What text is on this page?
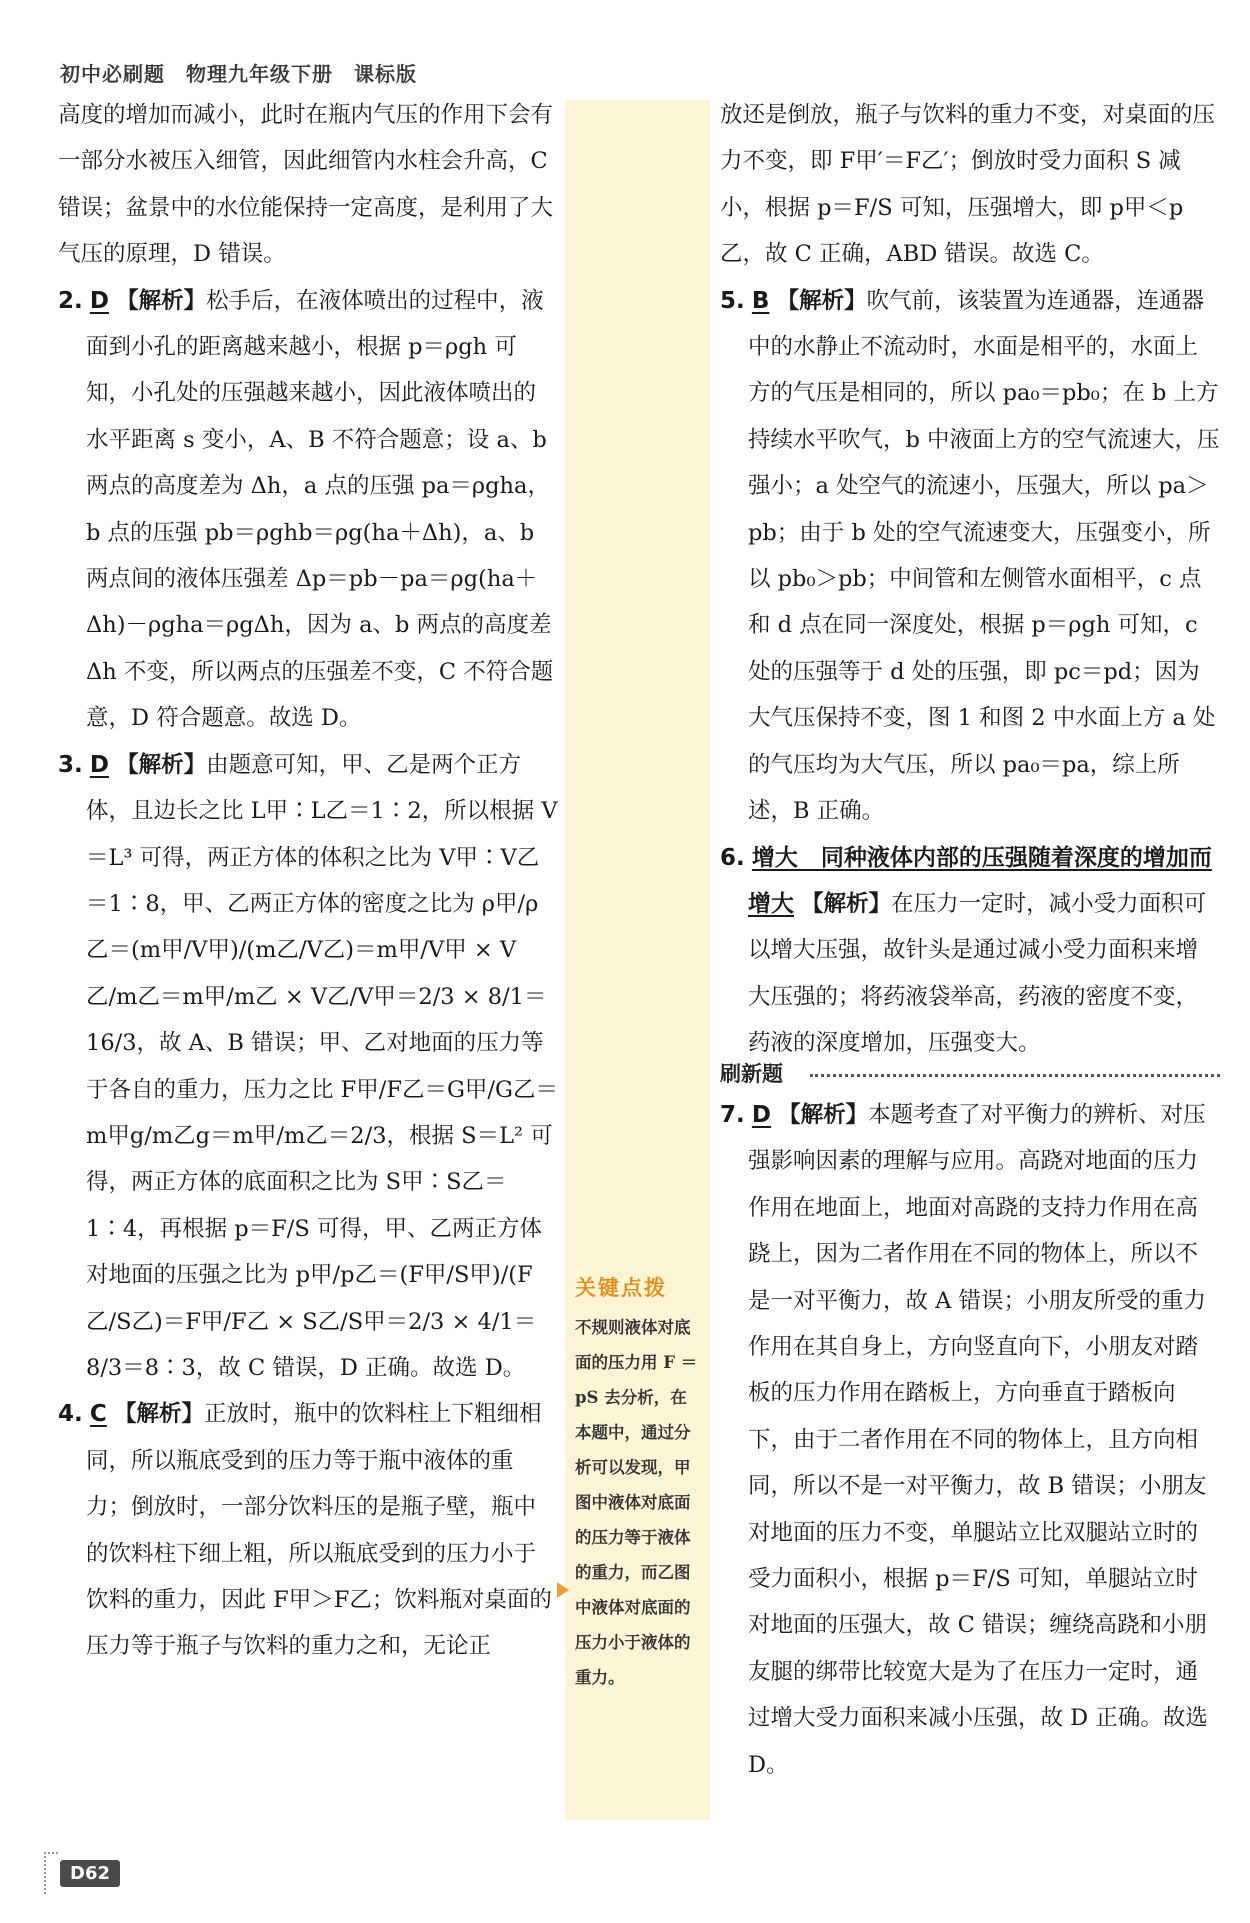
初中必刷题　物理九年级下册　课标版

高度的增加而减小，此时在瓶内气压的作用下会有一部分水被压入细管，因此细管内水柱会升高，C 错误；盆景中的水位能保持一定高度，是利用了大气压的原理，D 错误。

2. D 【解析】松手后，在液体喷出的过程中，液面到小孔的距离越来越小，根据 p＝ρgh 可知，小孔处的压强越来越小，因此液体喷出的水平距离 s 变小，A、B 不符合题意；设 a、b 两点的高度差为 Δh，a 点的压强 pa＝ρgha，b 点的压强 pb＝ρghb＝ρg(ha＋Δh)，a、b 两点间的液体压强差 Δp＝pb－pa＝ρg(ha＋Δh)－ρgha＝ρgΔh，因为 a、b 两点的高度差 Δh 不变，所以两点的压强差不变，C 不符合题意，D 符合题意。故选 D。

3. D 【解析】由题意可知，甲、乙是两个正方体，且边长之比 L甲∶L乙＝1∶2，所以根据 V＝L³ 可得，两正方体的体积之比为 V甲∶V乙＝1∶8，甲、乙两正方体的密度之比为 ρ甲/ρ乙＝(m甲/V甲)/(m乙/V乙)＝m甲/V甲 × V乙/m乙＝m甲/m乙 × V乙/V甲＝2/3 × 8/1＝16/3，故 A、B 错误；甲、乙对地面的压力等于各自的重力，压力之比 F甲/F乙＝G甲/G乙＝m甲g/m乙g＝m甲/m乙＝2/3，根据 S＝L² 可得，两正方体的底面积之比为 S甲∶S乙＝1∶4，再根据 p＝F/S 可得，甲、乙两正方体对地面的压强之比为 p甲/p乙＝(F甲/S甲)/(F乙/S乙)＝F甲/F乙 × S乙/S甲＝2/3 × 4/1＝8/3＝8∶3，故 C 错误，D 正确。故选 D。

4. C 【解析】正放时，瓶中的饮料柱上下粗细相同，所以瓶底受到的压力等于瓶中液体的重力；倒放时，一部分饮料压的是瓶子壁，瓶中的饮料柱下细上粗，所以瓶底受到的压力小于饮料的重力，因此 F甲＞F乙；饮料瓶对桌面的压力等于瓶子与饮料的重力之和，无论正

关键点拨
不规则液体对底面的压力用 F ＝ pS 去分析，在本题中，通过分析可以发现，甲图中液体对底面的压力等于液体的重力，而乙图中液体对底面的压力小于液体的重力。

放还是倒放，瓶子与饮料的重力不变，对桌面的压力不变，即 F甲′＝F乙′；倒放时受力面积 S 减小，根据 p＝F/S 可知，压强增大，即 p甲＜p乙，故 C 正确，ABD 错误。故选 C。

5. B 【解析】吹气前，该装置为连通器，连通器中的水静止不流动时，水面是相平的，水面上方的气压是相同的，所以 pa₀＝pb₀；在 b 上方持续水平吹气，b 中液面上方的空气流速大，压强小；a 处空气的流速小，压强大，所以 pa＞pb；由于 b 处的空气流速变大，压强变小，所以 pb₀＞pb；中间管和左侧管水面相平，c 点和 d 点在同一深度处，根据 p＝ρgh 可知，c 处的压强等于 d 处的压强，即 pc＝pd；因为大气压保持不变，图 1 和图 2 中水面上方 a 处的气压均为大气压，所以 pa₀＝pa，综上所述，B 正确。

6. 增大　同种液体内部的压强随着深度的增加而增大 【解析】在压力一定时，减小受力面积可以增大压强，故针头是通过减小受力面积来增大压强的；将药液袋举高，药液的密度不变，药液的深度增加，压强变大。

刷新题

7. D 【解析】本题考查了对平衡力的辨析、对压强影响因素的理解与应用。高跷对地面的压力作用在地面上，地面对高跷的支持力作用在高跷上，因为二者作用在不同的物体上，所以不是一对平衡力，故 A 错误；小朋友所受的重力作用在其自身上，方向竖直向下，小朋友对踏板的压力作用在踏板上，方向垂直于踏板向下，由于二者作用在不同的物体上，且方向相同，所以不是一对平衡力，故 B 错误；小朋友对地面的压力不变，单腿站立比双腿站立时的受力面积小，根据 p＝F/S 可知，单腿站立时对地面的压强大，故 C 错误；缠绕高跷和小朋友腿的绑带比较宽大是为了在压力一定时，通过增大受力面积来减小压强，故 D 正确。故选 D。

D62
